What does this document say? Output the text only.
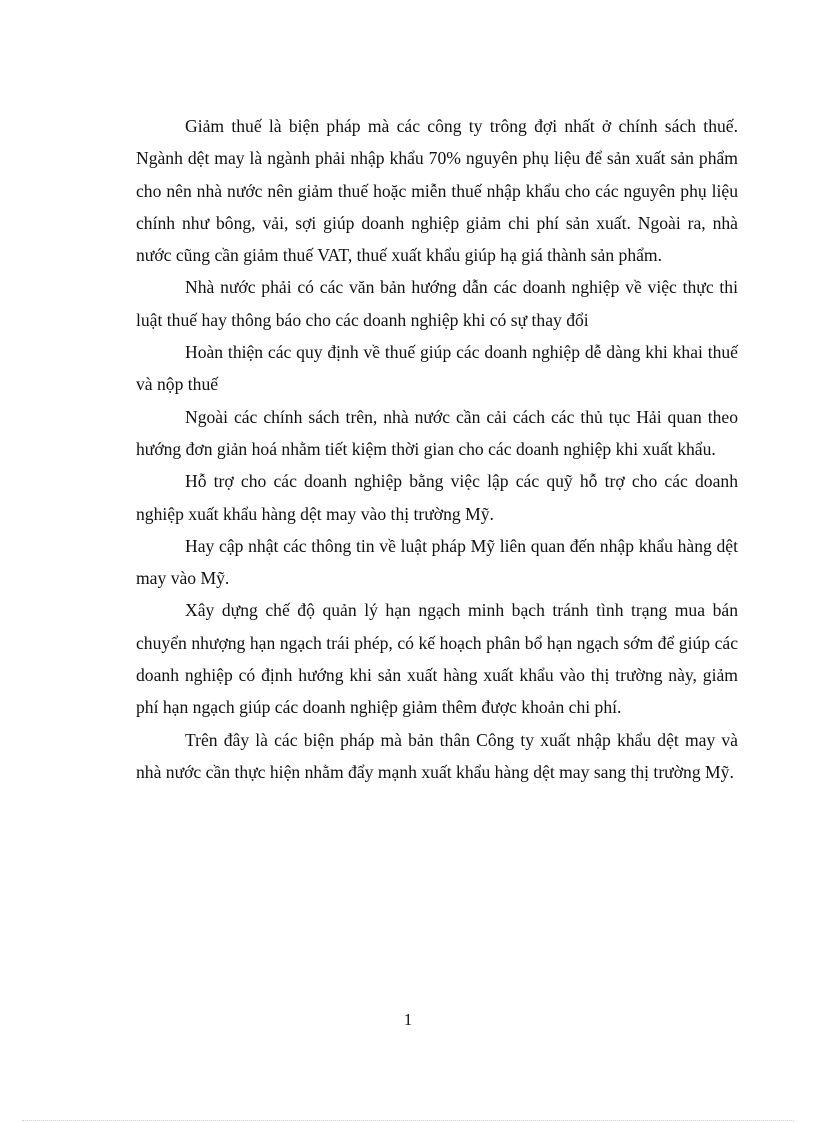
Giảm thuế là biện pháp mà các công ty trông đợi nhất ở chính sách thuế. Ngành dệt may là ngành phải nhập khẩu 70% nguyên phụ liệu để sản xuất sản phẩm cho nên nhà nước nên giảm thuế hoặc miễn thuế nhập khẩu cho các nguyên phụ liệu chính như bông, vải, sợi giúp doanh nghiệp giảm chi phí sản xuất. Ngoài ra, nhà nước cũng cần giảm thuế VAT, thuế xuất khẩu giúp hạ giá thành sản phẩm.

Nhà nước phải có các văn bản hướng dẫn các doanh nghiệp về việc thực thi luật thuế hay thông báo cho các doanh nghiệp khi có sự thay đổi

Hoàn thiện các quy định về thuế giúp các doanh nghiệp dễ dàng khi khai thuế và nộp thuế

Ngoài các chính sách trên, nhà nước cần cải cách các thủ tục Hải quan theo hướng đơn giản hoá nhằm tiết kiệm thời gian cho các doanh nghiệp khi xuất khẩu.

Hỗ trợ cho các doanh nghiệp bằng việc lập các quỹ hỗ trợ cho các doanh nghiệp xuất khẩu hàng dệt may vào thị trường Mỹ.

Hay cập nhật các thông tin về luật pháp Mỹ liên quan đến nhập khẩu hàng dệt may vào Mỹ.

Xây dựng chế độ quản lý hạn ngạch minh bạch tránh tình trạng mua bán chuyển nhượng hạn ngạch trái phép, có kế hoạch phân bổ hạn ngạch sớm để giúp các doanh nghiệp có định hướng khi sản xuất hàng xuất khẩu vào thị trường này, giảm phí hạn ngạch giúp các doanh nghiệp giảm thêm được khoản chi phí.

Trên đây là các biện pháp mà bản thân Công ty xuất nhập khẩu dệt may và nhà nước cần thực hiện nhằm đẩy mạnh xuất khẩu hàng dệt may sang thị trường Mỹ.

1
